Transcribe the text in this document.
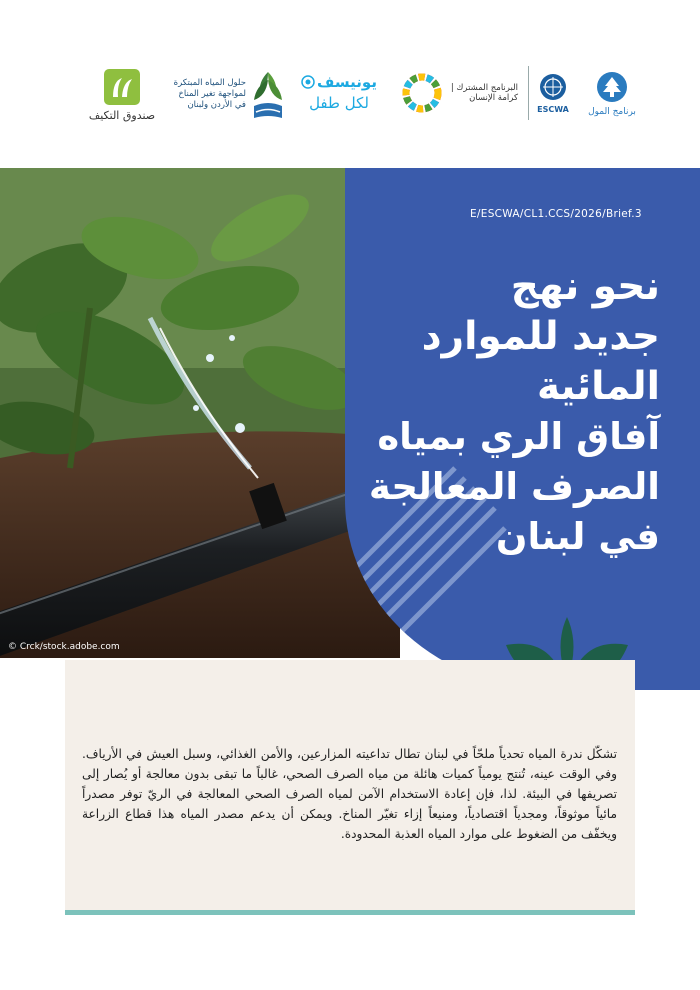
صندوق التكيف
حلول المياه المبتكرة لمواجهة تغير المناخ في الأردن ولبنان
يونيسف
لكل طفل
البرنامج المشترك | كرامة الإنسان
ESCWA برنامج المول
© Crck/stock.adobe.com
E/ESCWA/CL1.CCS/2026/Brief.3
نحو نهج
جديد للموارد
المائية
آفاق الري بمياه
الصرف المعالجة
في لبنان

تشكّل ندرة المياه تحدياً ملحّاً في لبنان تطال تداعيته المزارعين، والأمن الغذائي، وسبل العيش في الأرياف. وفي الوقت عينه، تُنتج يومياً كميات هائلة من مياه الصرف الصحي، غالباً ما تبقى بدون معالجة أو يُصار إلى تصريفها في البيئة. لذا، فإن إعادة الاستخدام الآمن لمياه الصرف الصحي المعالجة في الريّ توفر مصدراً مائياً موثوقاً، ومجدياً اقتصادياً، ومنيعاً إزاء تغيّر المناخ. ويمكن أن يدعم مصدر المياه هذا قطاع الزراعة ويخفّف من الضغوط على موارد المياه العذبة المحدودة.
